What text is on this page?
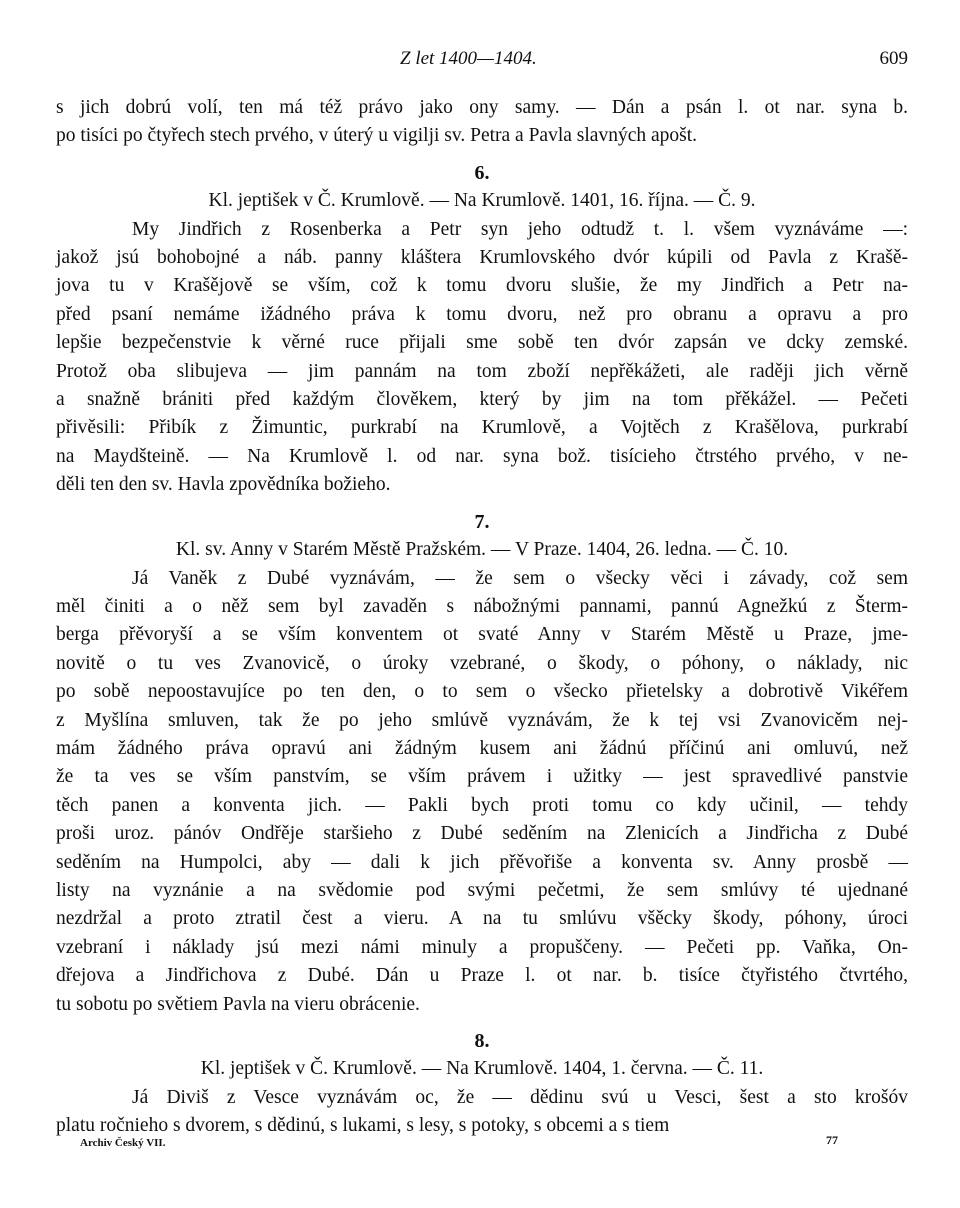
Z let 1400—1404.	609
s jich dobrú volí, ten má též právo jako ony samy. — Dán a psán l. ot nar. syna b.
po tisíci po čtyřech stech prvého, v úterý u vigilji sv. Petra a Pavla slavných apošt.
6.
Kl. jeptišek v Č. Krumlově. — Na Krumlově. 1401, 16. října. — Č. 9.
My Jindřich z Rosenberka a Petr syn jeho odtudž t. l. všem vyznáváme —:
jakož jsú bohobojné a náb. panny kláštera Krumlovského dvór kúpili od Pavla z Krašě-
jova tu v Krašějově se vším, což k tomu dvoru slušie, že my Jindřich a Petr na-
před psaní nemáme ižádného práva k tomu dvoru, než pro obranu a opravu a pro
lepšie bezpečenstvie k věrné ruce přijali sme sobě ten dvór zapsán ve dcky zemské.
Protož oba slibujeva — jim pannám na tom zboží nepřěkážeti, ale raději jich věrně
a snažně brániti před každým člověkem, který by jim na tom přěkážel. — Pečeti
přivěsili: Přibík z Žimuntic, purkrabí na Krumlově, a Vojtěch z Krašělova, purkrabí
na Maydšteině. — Na Krumlově l. od nar. syna bož. tisícieho čtrstého prvého, v ne-
děli ten den sv. Havla zpovědníka božieho.
7.
Kl. sv. Anny v Starém Městě Pražském. — V Praze. 1404, 26. ledna. — Č. 10.
Já Vaněk z Dubé vyznávám, — že sem o všecky věci i závady, což sem
měl činiti a o něž sem byl zavaděn s nábožnými pannami, pannú Agnežkú z Šterm-
berga přěvoryší a se vším konventem ot svaté Anny v Starém Městě u Praze, jme-
novitě o tu ves Zvanovicě, o úroky vzebrané, o škody, o póhony, o náklady, nic
po sobě nepoostavujíce po ten den, o to sem o všecko přietelsky a dobrotivě Vikéřem
z Myšlína smluven, tak že po jeho smlúvě vyznávám, že k tej vsi Zvanovicěm nej-
mám žádného práva opravú ani žádným kusem ani žádnú příčinú ani omluvú, než
že ta ves se vším panstvím, se vším právem i užitky — jest spravedlivé panstvie
těch panen a konventa jich. — Pakli bych proti tomu co kdy učinil, — tehdy
proši uroz. pánóv Ondřěje staršieho z Dubé seděním na Zlenicích a Jindřicha z Dubé
seděním na Humpolci, aby — dali k jich přěvořiše a konventa sv. Anny prosbě —
listy na vyznánie a na svědomie pod svými pečetmi, že sem smlúvy té ujednané
nezdržal a proto ztratil čest a vieru. A na tu smlúvu všěcky škody, póhony, úroci
vzebraní i náklady jsú mezi námi minuly a propuščeny. — Pečeti pp. Vaňka, On-
dřejova a Jindřichova z Dubé. Dán u Praze l. ot nar. b. tisíce čtyřistého čtvrtého,
tu sobotu po světiem Pavla na vieru obrácenie.
8.
Kl. jeptišek v Č. Krumlově. — Na Krumlově. 1404, 1. června. — Č. 11.
Já Diviš z Vesce vyznávám oc, že — dědinu svú u Vesci, šest a sto krošóv
platu ročnieho s dvorem, s dědinú, s lukami, s lesy, s potoky, s obcemi a s tiem
Archiv Český VII.	77
